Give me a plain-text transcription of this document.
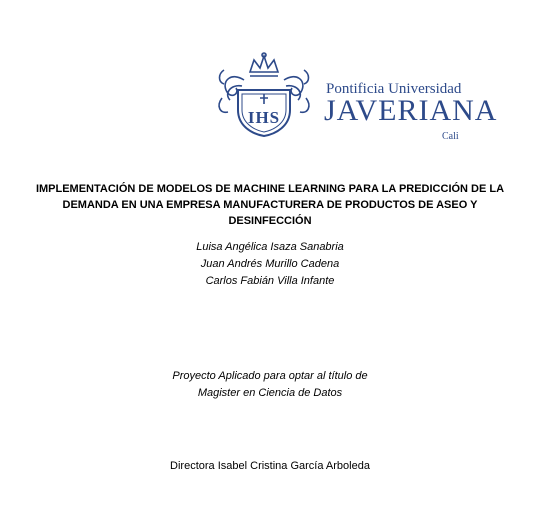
IHS
Pontificia Universidad
JAVERIANA
Cali
IMPLEMENTACIÓN DE MODELOS DE MACHINE LEARNING PARA LA PREDICCIÓN DE LA
DEMANDA EN UNA EMPRESA MANUFACTURERA DE PRODUCTOS DE ASEO Y DESINFECCIÓN
Luisa Angélica Isaza Sanabria
Juan Andrés Murillo Cadena
Carlos Fabián Villa Infante
Proyecto Aplicado para optar al título de
Magister en Ciencia de Datos
Directora Isabel Cristina García Arboleda
